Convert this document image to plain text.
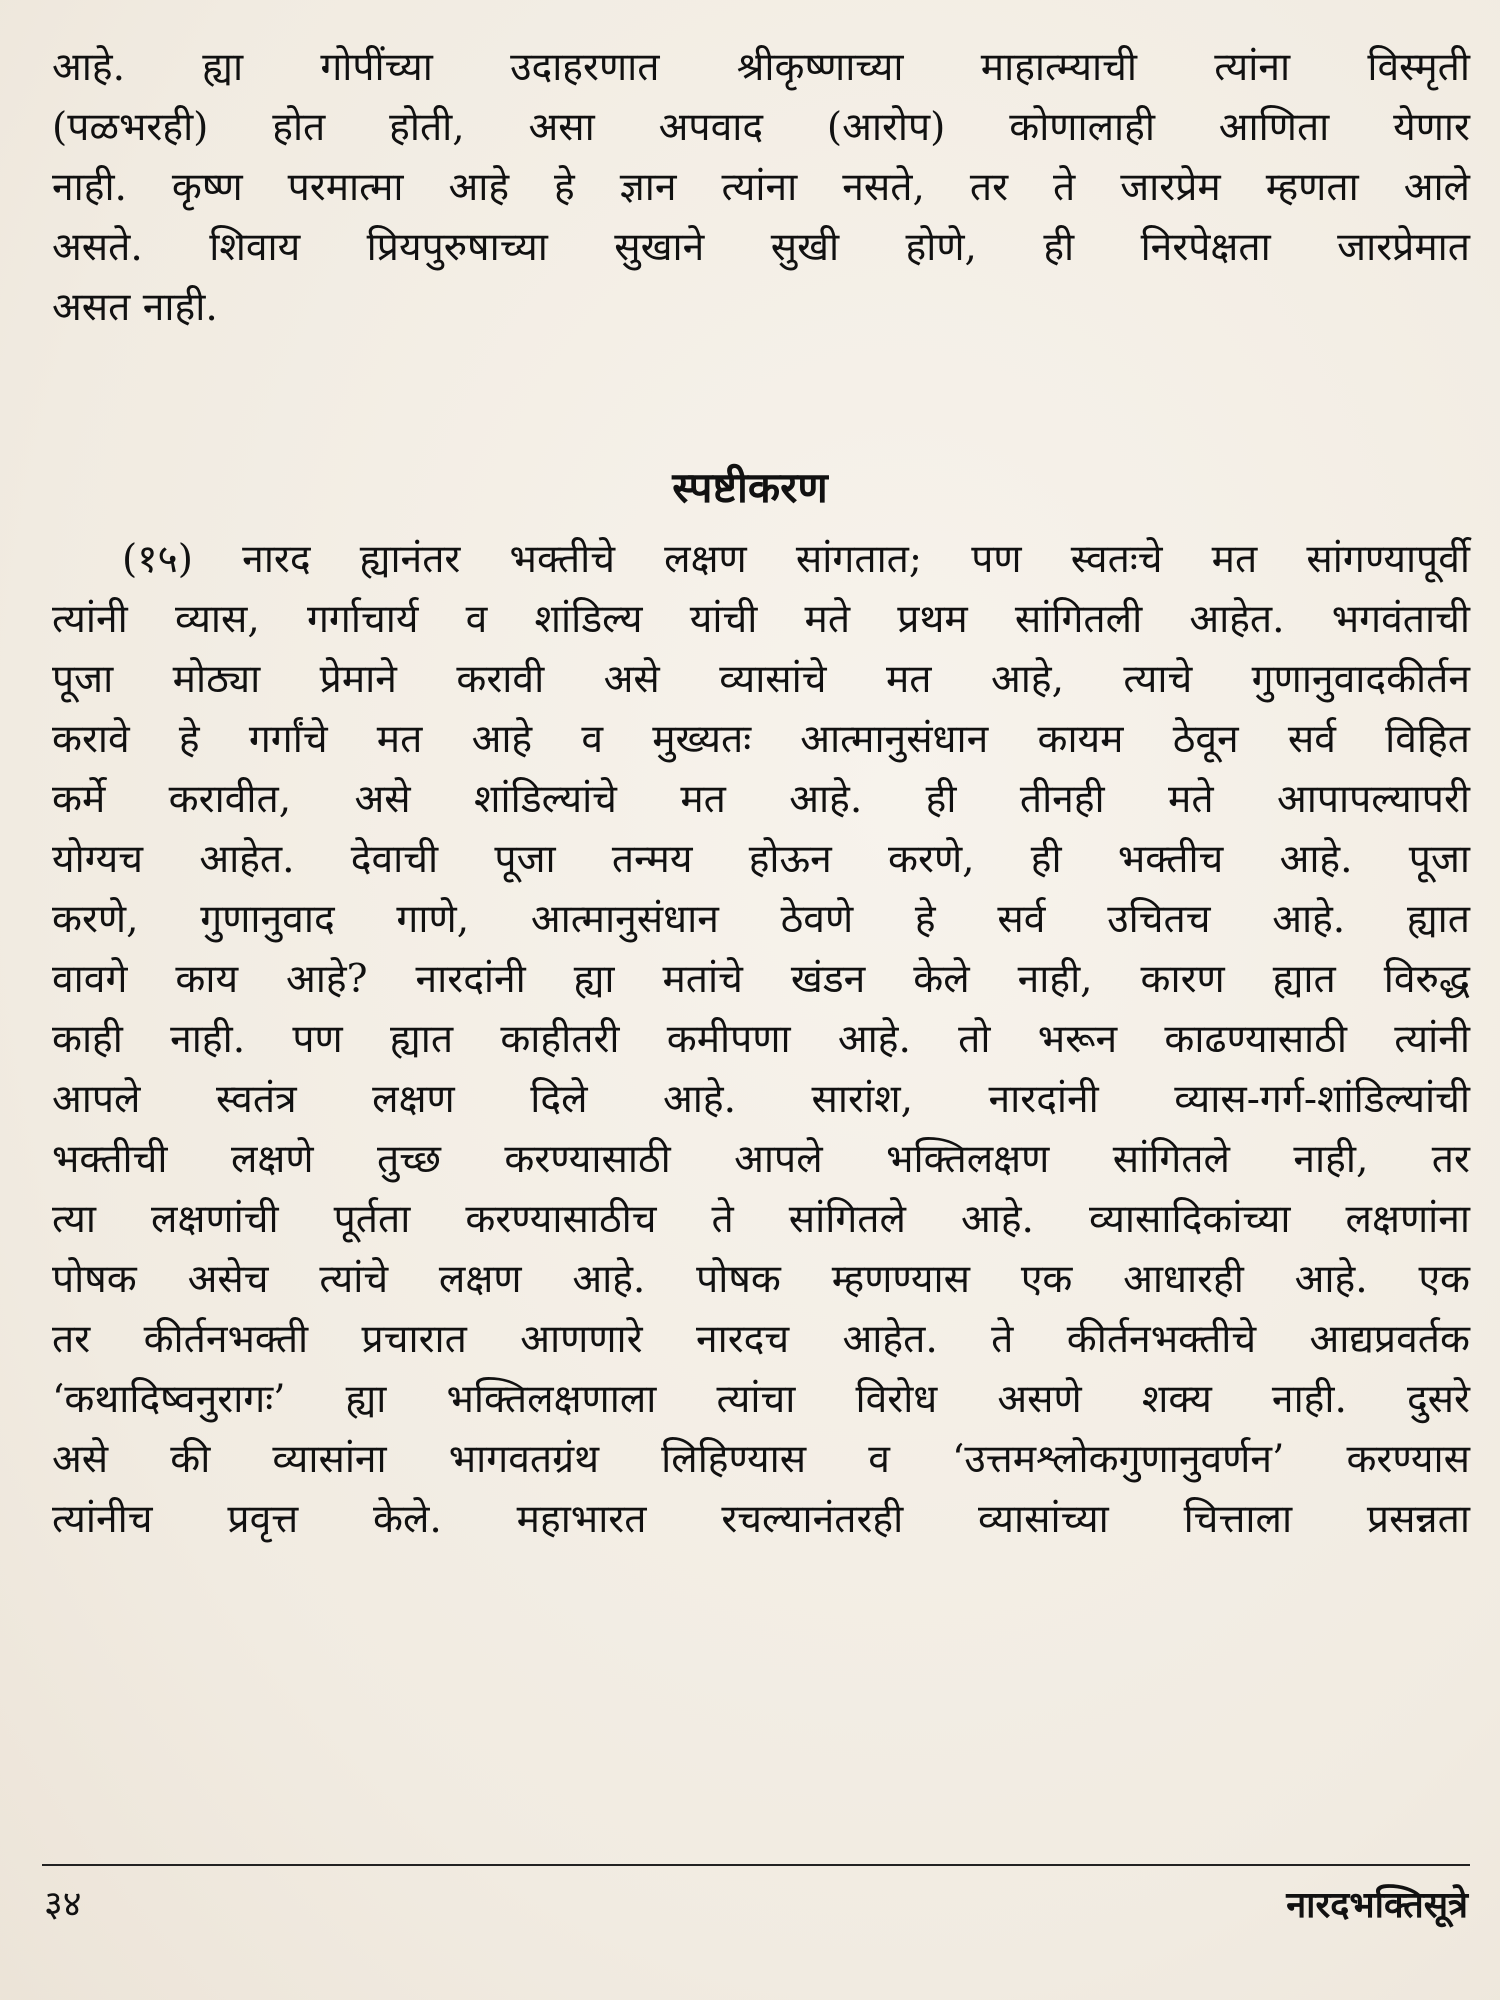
आहे. ह्या गोपींच्या उदाहरणात श्रीकृष्णाच्या माहात्म्याची त्यांना विस्मृती
(पळभरही) होत होती, असा अपवाद (आरोप) कोणालाही आणिता येणार
नाही. कृष्ण परमात्मा आहे हे ज्ञान त्यांना नसते, तर ते जारप्रेम म्हणता आले
असते. शिवाय प्रियपुरुषाच्या सुखाने सुखी होणे, ही निरपेक्षता जारप्रेमात
असत नाही.
स्पष्टीकरण
(१५) नारद ह्यानंतर भक्तीचे लक्षण सांगतात; पण स्वतःचे मत सांगण्यापूर्वी
त्यांनी व्यास, गर्गाचार्य व शांडिल्य यांची मते प्रथम सांगितली आहेत. भगवंताची
पूजा मोठ्या प्रेमाने करावी असे व्यासांचे मत आहे, त्याचे गुणानुवादकीर्तन
करावे हे गर्गांचे मत आहे व मुख्यतः आत्मानुसंधान कायम ठेवून सर्व विहित
कर्मे करावीत, असे शांडिल्यांचे मत आहे. ही तीनही मते आपापल्यापरी
योग्यच आहेत. देवाची पूजा तन्मय होऊन करणे, ही भक्तीच आहे. पूजा
करणे, गुणानुवाद गाणे, आत्मानुसंधान ठेवणे हे सर्व उचितच आहे. ह्यात
वावगे काय आहे? नारदांनी ह्या मतांचे खंडन केले नाही, कारण ह्यात विरुद्ध
काही नाही. पण ह्यात काहीतरी कमीपणा आहे. तो भरून काढण्यासाठी त्यांनी
आपले स्वतंत्र लक्षण दिले आहे. सारांश, नारदांनी व्यास-गर्ग-शांडिल्यांची
भक्तीची लक्षणे तुच्छ करण्यासाठी आपले भक्तिलक्षण सांगितले नाही, तर
त्या लक्षणांची पूर्तता करण्यासाठीच ते सांगितले आहे. व्यासादिकांच्या लक्षणांना
पोषक असेच त्यांचे लक्षण आहे. पोषक म्हणण्यास एक आधारही आहे. एक
तर कीर्तनभक्ती प्रचारात आणणारे नारदच आहेत. ते कीर्तनभक्तीचे आद्यप्रवर्तक
‘कथादिष्वनुरागः’ ह्या भक्तिलक्षणाला त्यांचा विरोध असणे शक्य नाही. दुसरे
असे की व्यासांना भागवतग्रंथ लिहिण्यास व ‘उत्तमश्लोकगुणानुवर्णन’ करण्यास
त्यांनीच प्रवृत्त केले. महाभारत रचल्यानंतरही व्यासांच्या चित्ताला प्रसन्नता
३४	नारदभक्तिसूत्रे
